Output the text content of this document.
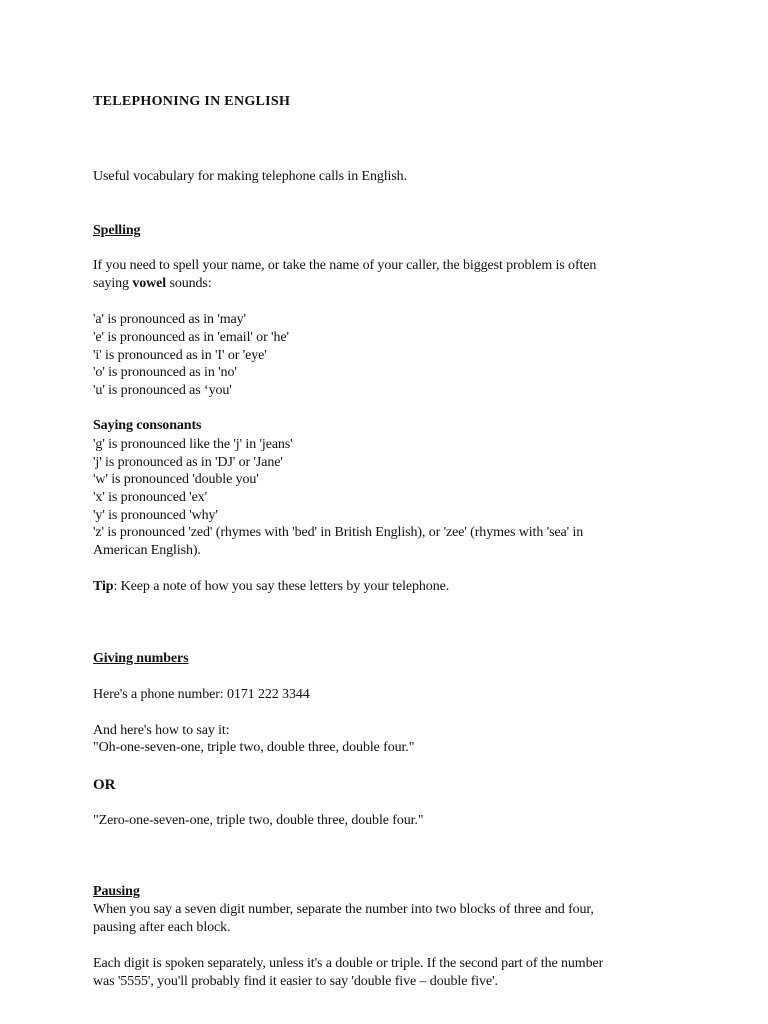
TELEPHONING IN ENGLISH
Useful vocabulary for making telephone calls in English.
Spelling
If you need to spell your name, or take the name of your caller, the biggest problem is often
saying vowel sounds:
'a' is pronounced as in 'may'
'e' is pronounced as in 'email' or 'he'
'i' is pronounced as in 'I' or 'eye'
'o' is pronounced as in 'no'
'u' is pronounced as ‘you'
Saying consonants
'g' is pronounced like the 'j' in 'jeans'
'j' is pronounced as in 'DJ' or 'Jane'
'w' is pronounced 'double you'
'x' is pronounced 'ex'
'y' is pronounced 'why'
'z' is pronounced 'zed' (rhymes with 'bed' in British English), or 'zee' (rhymes with 'sea' in
American English).
Tip: Keep a note of how you say these letters by your telephone.
Giving numbers
Here's a phone number: 0171 222 3344
And here's how to say it:
"Oh-one-seven-one, triple two, double three, double four."
OR
"Zero-one-seven-one, triple two, double three, double four."
Pausing
When you say a seven digit number, separate the number into two blocks of three and four,
pausing after each block.
Each digit is spoken separately, unless it's a double or triple. If the second part of the number
was '5555', you'll probably find it easier to say 'double five – double five'.
